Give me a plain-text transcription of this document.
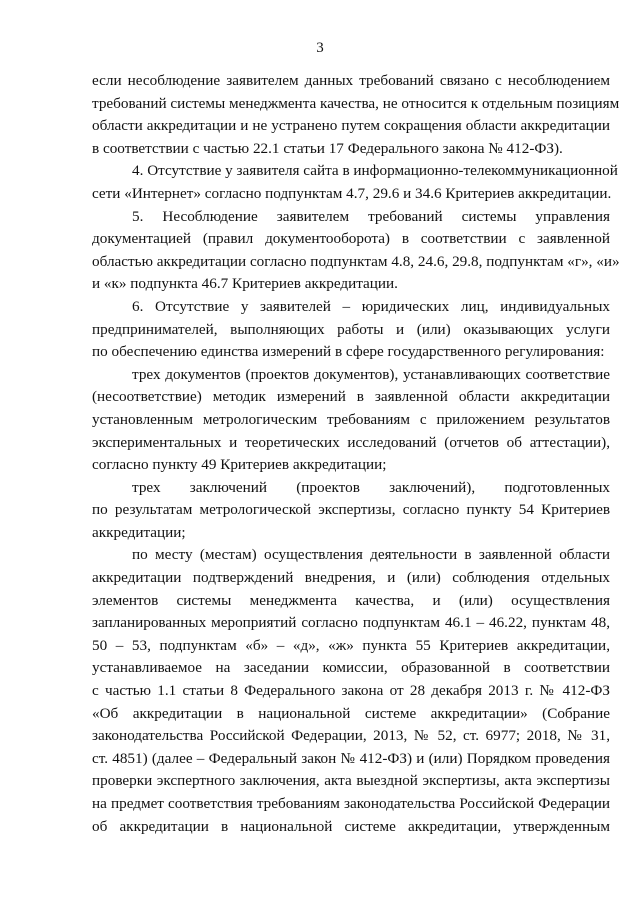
3
если несоблюдение заявителем данных требований связано с несоблюдением
требований системы менеджмента качества, не относится к отдельным позициям
области аккредитации и не устранено путем сокращения области аккредитации
в соответствии с частью 22.1 статьи 17 Федерального закона № 412-ФЗ).
4. Отсутствие у заявителя сайта в информационно-телекоммуникационной
сети «Интернет» согласно подпунктам 4.7, 29.6 и 34.6 Критериев аккредитации.
5. Несоблюдение заявителем требований системы управления
документацией (правил документооборота) в соответствии с заявленной
областью аккредитации согласно подпунктам 4.8, 24.6, 29.8, подпунктам «г», «и»
и «к» подпункта 46.7 Критериев аккредитации.
6. Отсутствие у заявителей – юридических лиц, индивидуальных
предпринимателей, выполняющих работы и (или) оказывающих услуги
по обеспечению единства измерений в сфере государственного регулирования:
трех документов (проектов документов), устанавливающих соответствие
(несоответствие) методик измерений в заявленной области аккредитации
установленным метрологическим требованиям с приложением результатов
экспериментальных и теоретических исследований (отчетов об аттестации),
согласно пункту 49 Критериев аккредитации;
трех заключений (проектов заключений), подготовленных
по результатам метрологической экспертизы, согласно пункту 54 Критериев
аккредитации;
по месту (местам) осуществления деятельности в заявленной области
аккредитации подтверждений внедрения, и (или) соблюдения отдельных
элементов системы менеджмента качества, и (или) осуществления
запланированных мероприятий согласно подпунктам 46.1 – 46.22, пунктам 48,
50 – 53, подпунктам «б» – «д», «ж» пункта 55 Критериев аккредитации,
устанавливаемое на заседании комиссии, образованной в соответствии
с частью 1.1 статьи 8 Федерального закона от 28 декабря 2013 г. № 412-ФЗ
«Об аккредитации в национальной системе аккредитации» (Собрание
законодательства Российской Федерации, 2013, № 52, ст. 6977; 2018, № 31,
ст. 4851) (далее – Федеральный закон № 412-ФЗ) и (или) Порядком проведения
проверки экспертного заключения, акта выездной экспертизы, акта экспертизы
на предмет соответствия требованиям законодательства Российской Федерации
об аккредитации в национальной системе аккредитации, утвержденным
